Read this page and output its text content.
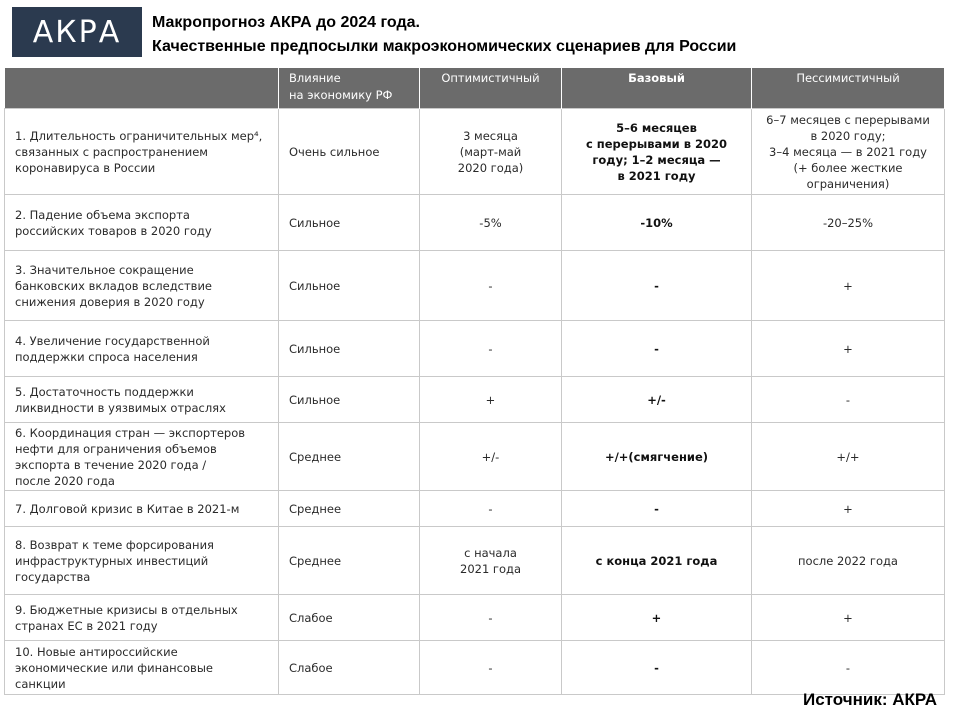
АКРА	Макропрогноз АКРА до 2024 года.
Качественные предпосылки макроэкономических сценариев для России
	Влияние
на экономику РФ	Оптимистичный	Базовый	Пессимистичный
1. Длительность ограничительных мер⁴,
связанных с распространением
коронавируса в России	Очень сильное	3 месяца
(март-май
2020 года)	5–6 месяцев
с перерывами в 2020
году; 1–2 месяца —
в 2021 году	6–7 месяцев с перерывами
в 2020 году;
3–4 месяца — в 2021 году
(+ более жесткие
ограничения)
2. Падение объема экспорта
российских товаров в 2020 году	Сильное	-5%	-10%	-20–25%
3. Значительное сокращение
банковских вкладов вследствие
снижения доверия в 2020 году	Сильное	-	-	+
4. Увеличение государственной
поддержки спроса населения	Сильное	-	-	+
5. Достаточность поддержки
ликвидности в уязвимых отраслях	Сильное	+	+/-	-
6. Координация стран — экспортеров
нефти для ограничения объемов
экспорта в течение 2020 года /
после 2020 года	Среднее	+/-	+/+(смягчение)	+/+
7. Долговой кризис в Китае в 2021-м	Среднее	-	-	+
8. Возврат к теме форсирования
инфраструктурных инвестиций
государства	Среднее	с начала
2021 года	с конца 2021 года	после 2022 года
9. Бюджетные кризисы в отдельных
странах ЕС в 2021 году	Слабое	-	+	+
10. Новые антироссийские
экономические или финансовые
санкции	Слабое	-	-	-
Источник: АКРА
